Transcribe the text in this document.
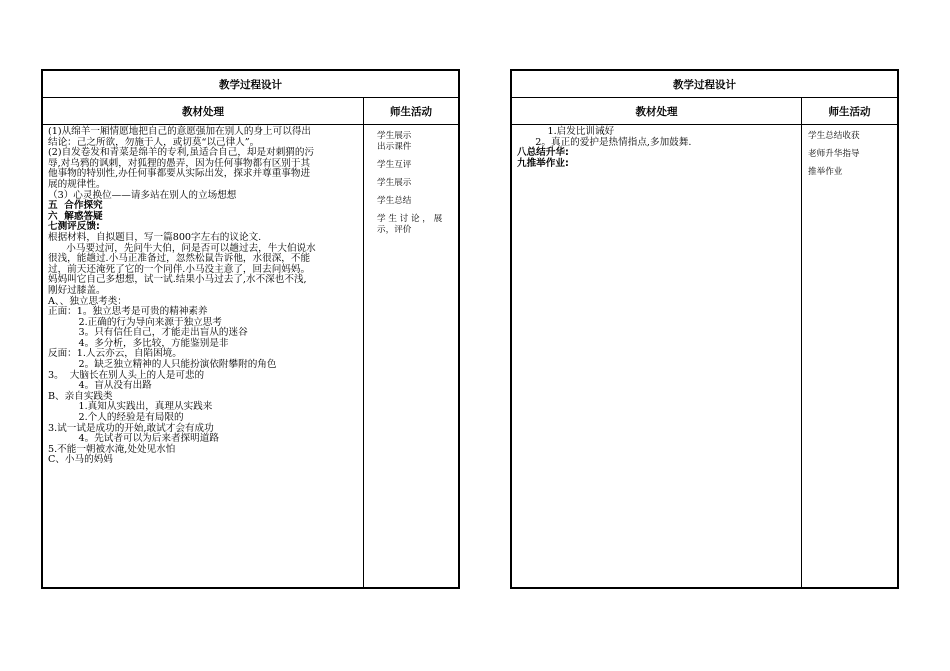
教学过程设计
教材处理	师生活动
(1)从绵羊一厢情愿地把自己的意愿强加在别人的身上可以得出
结论：己之所欲，勿施于人，或切莫“以己律人”。
(2)自发卷发和青菜是绵羊的专利,虽适合自己，却是对刺猬的污
辱,对乌鸦的讽刺，对狐狸的愚弄，因为任何事物都有区别于其
他事物的特别性,办任何事都要从实际出发，探求并尊重事物进
展的规律性。
（3）心灵换位——请多站在别人的立场想想
五  合作探究
六  解惑答疑
七测评反馈:
根据材料，自拟题目，写一篇800字左右的议论文.
小马要过河，先问牛大伯，问是否可以趟过去，牛大伯说水
很浅，能趟过.小马正准备过，忽然松鼠告诉他，水很深，不能
过，前天还淹死了它的一个同伴.小马没主意了，回去问妈妈。
妈妈叫它自己多想想，试一试.结果小马过去了,水不深也不浅,
刚好过膝盖。
A、、独立思考类：
正面：1。独立思考是可贵的精神素养
2.正确的行为导向来源于独立思考
3。只有信任自己，才能走出盲从的迷谷
4。多分析，多比较，方能鉴别是非
反面：1.人云亦云，自陷困境。
2。缺乏独立精神的人只能扮演依附攀附的角色
3。  大脑长在别人头上的人是可悲的
4。盲从没有出路
B、亲自实践类
1.真知从实践出，真理从实践来
2.个人的经验是有局限的
3.试一试是成功的开始,敢试才会有成功
4。先试者可以为后来者探明道路
5.不能一朝被水淹,处处见水怕
C、小马的妈妈
学生展示
出示课件
学生互评
学生展示
学生总结
学 生 讨 论 ， 展
示，评价
教学过程设计
教材处理	师生活动
1.启发比训诫好
2。真正的爱护是热情指点,多加鼓舞.
八总结升华:
九推举作业:
学生总结收获
老师升华指导
推举作业
